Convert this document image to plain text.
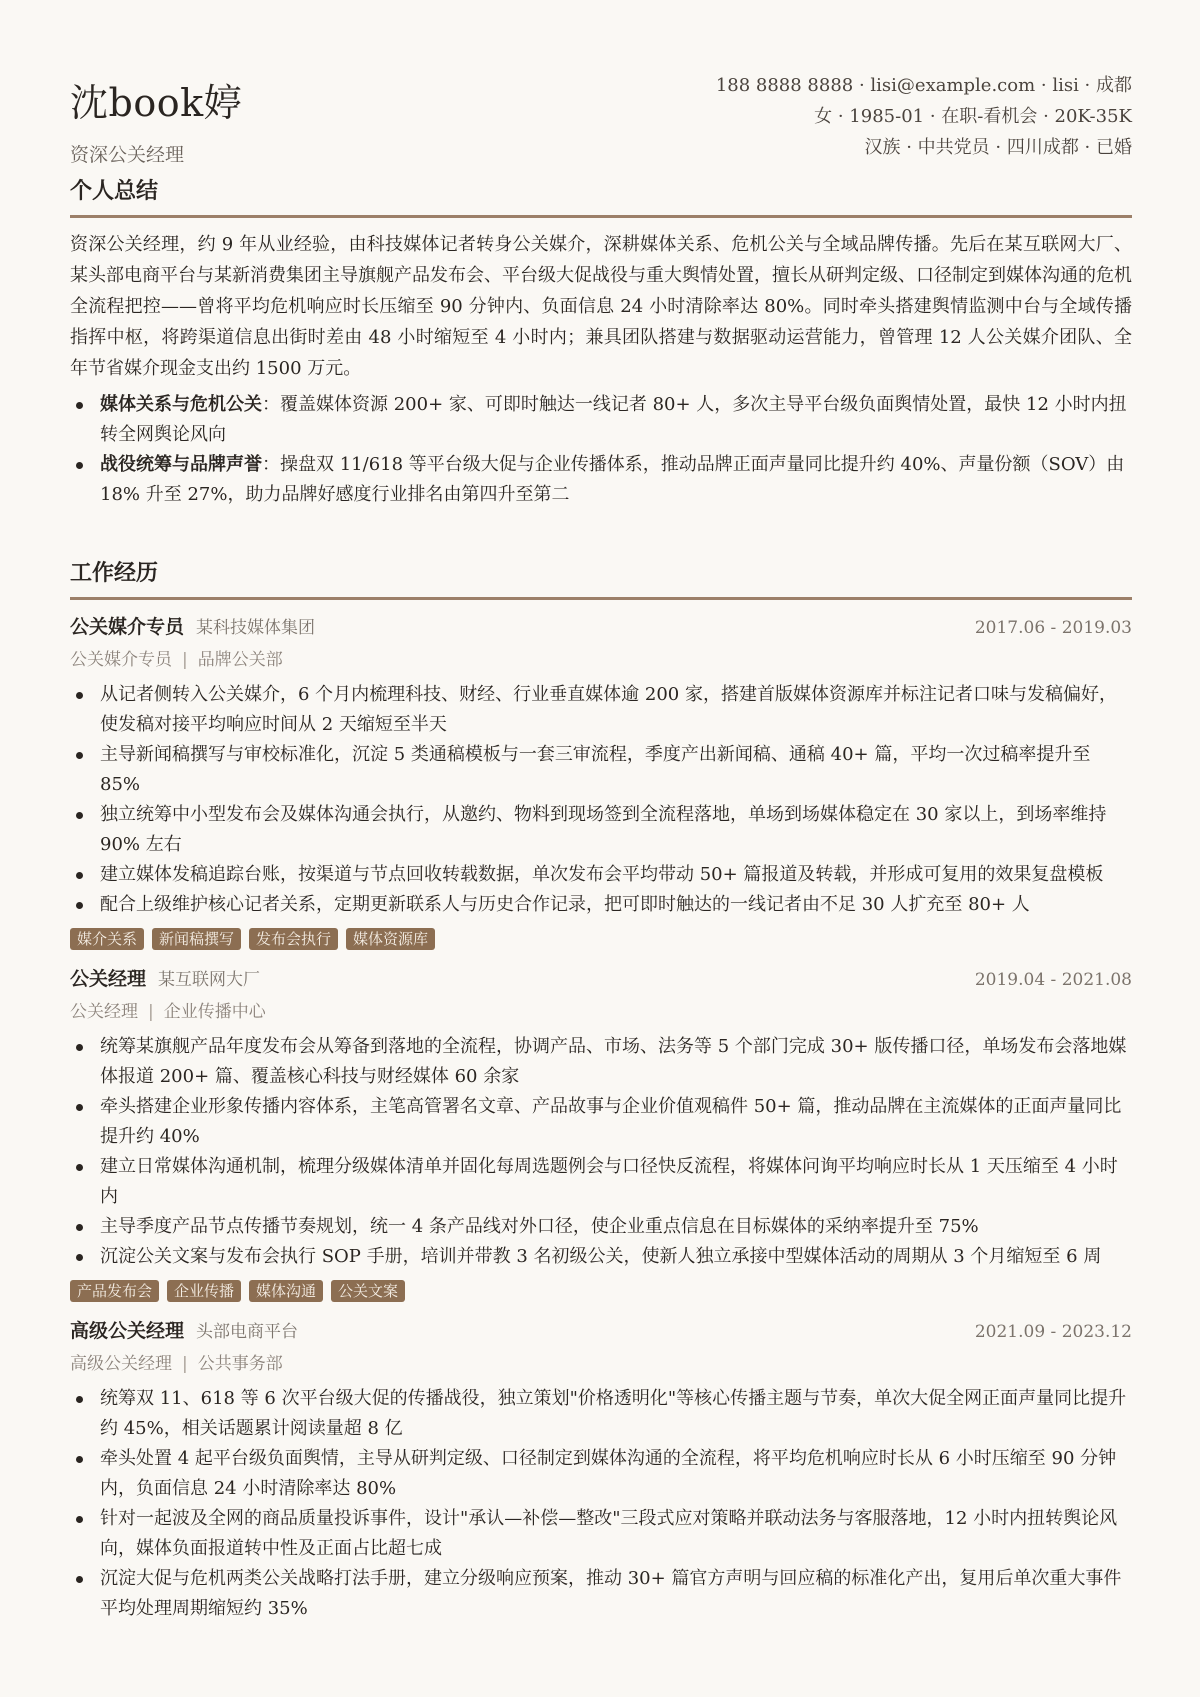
沈book婷
资深公关经理
188 8888 8888 · lisi@example.com · lisi · 成都
女 · 1985-01 · 在职-看机会 · 20K-35K
汉族 · 中共党员 · 四川成都 · 已婚
个人总结

资深公关经理，约 9 年从业经验，由科技媒体记者转身公关媒介，深耕媒体关系、危机公关与全域品牌传播。先后在某互联网大厂、某头部电商平台与某新消费集团主导旗舰产品发布会、平台级大促战役与重大舆情处置，擅长从研判定级、口径制定到媒体沟通的危机全流程把控——曾将平均危机响应时长压缩至 90 分钟内、负面信息 24 小时清除率达 80%。同时牵头搭建舆情监测中台与全域传播指挥中枢，将跨渠道信息出街时差由 48 小时缩短至 4 小时内；兼具团队搭建与数据驱动运营能力，曾管理 12 人公关媒介团队、全年节省媒介现金支出约 1500 万元。

媒体关系与危机公关：覆盖媒体资源 200+ 家、可即时触达一线记者 80+ 人，多次主导平台级负面舆情处置，最快 12 小时内扭转全网舆论风向
战役统筹与品牌声誉：操盘双 11/618 等平台级大促与企业传播体系，推动品牌正面声量同比提升约 40%、声量份额（SOV）由 18% 升至 27%，助力品牌好感度行业排名由第四升至第二
工作经历
公关媒介专员 某科技媒体集团	2017.06 - 2019.03
公关媒介专员 | 品牌公关部
从记者侧转入公关媒介，6 个月内梳理科技、财经、行业垂直媒体逾 200 家，搭建首版媒体资源库并标注记者口味与发稿偏好，使发稿对接平均响应时间从 2 天缩短至半天
主导新闻稿撰写与审校标准化，沉淀 5 类通稿模板与一套三审流程，季度产出新闻稿、通稿 40+ 篇，平均一次过稿率提升至 85%
独立统筹中小型发布会及媒体沟通会执行，从邀约、物料到现场签到全流程落地，单场到场媒体稳定在 30 家以上，到场率维持 90% 左右
建立媒体发稿追踪台账，按渠道与节点回收转载数据，单次发布会平均带动 50+ 篇报道及转载，并形成可复用的效果复盘模板
配合上级维护核心记者关系，定期更新联系人与历史合作记录，把可即时触达的一线记者由不足 30 人扩充至 80+ 人
媒介关系	新闻稿撰写	发布会执行	媒体资源库
公关经理 某互联网大厂	2019.04 - 2021.08
公关经理 | 企业传播中心
统筹某旗舰产品年度发布会从筹备到落地的全流程，协调产品、市场、法务等 5 个部门完成 30+ 版传播口径，单场发布会落地媒体报道 200+ 篇、覆盖核心科技与财经媒体 60 余家
牵头搭建企业形象传播内容体系，主笔高管署名文章、产品故事与企业价值观稿件 50+ 篇，推动品牌在主流媒体的正面声量同比提升约 40%
建立日常媒体沟通机制，梳理分级媒体清单并固化每周选题例会与口径快反流程，将媒体问询平均响应时长从 1 天压缩至 4 小时内
主导季度产品节点传播节奏规划，统一 4 条产品线对外口径，使企业重点信息在目标媒体的采纳率提升至 75%
沉淀公关文案与发布会执行 SOP 手册，培训并带教 3 名初级公关，使新人独立承接中型媒体活动的周期从 3 个月缩短至 6 周
产品发布会	企业传播	媒体沟通	公关文案
高级公关经理 头部电商平台	2021.09 - 2023.12
高级公关经理 | 公共事务部
统筹双 11、618 等 6 次平台级大促的传播战役，独立策划"价格透明化"等核心传播主题与节奏，单次大促全网正面声量同比提升约 45%，相关话题累计阅读量超 8 亿
牵头处置 4 起平台级负面舆情，主导从研判定级、口径制定到媒体沟通的全流程，将平均危机响应时长从 6 小时压缩至 90 分钟内，负面信息 24 小时清除率达 80%
针对一起波及全网的商品质量投诉事件，设计"承认—补偿—整改"三段式应对策略并联动法务与客服落地，12 小时内扭转舆论风向，媒体负面报道转中性及正面占比超七成
沉淀大促与危机两类公关战略打法手册，建立分级响应预案，推动 30+ 篇官方声明与回应稿的标准化产出，复用后单次重大事件平均处理周期缩短约 35%
